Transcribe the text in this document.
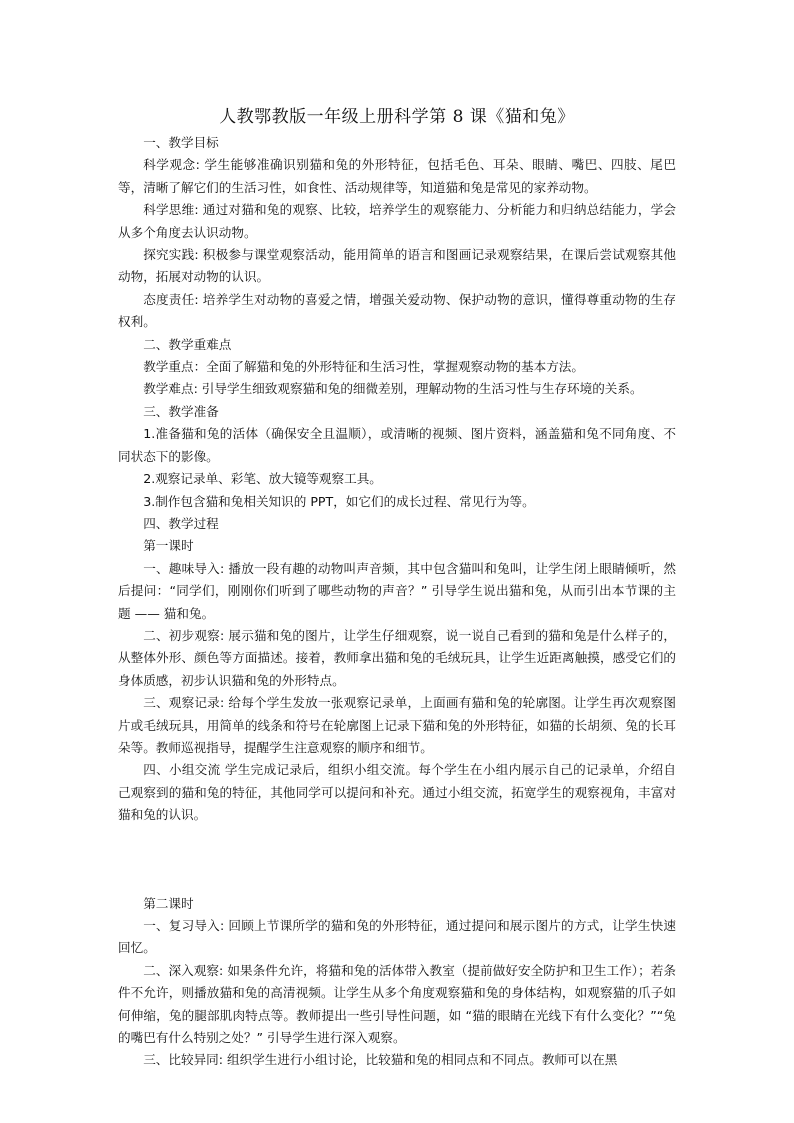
人教鄂教版一年级上册科学第 8 课《猫和兔》

一、教学目标

科学观念: 学生能够准确识别猫和兔的外形特征，包括毛色、耳朵、眼睛、嘴巴、四肢、尾巴等，清晰了解它们的生活习性，如食性、活动规律等，知道猫和兔是常见的家养动物。

科学思维: 通过对猫和兔的观察、比较，培养学生的观察能力、分析能力和归纳总结能力，学会从多个角度去认识动物。

探究实践: 积极参与课堂观察活动，能用简单的语言和图画记录观察结果，在课后尝试观察其他动物，拓展对动物的认识。

态度责任: 培养学生对动物的喜爱之情，增强关爱动物、保护动物的意识，懂得尊重动物的生存权利。

二、教学重难点

教学重点：全面了解猫和兔的外形特征和生活习性，掌握观察动物的基本方法。

教学难点: 引导学生细致观察猫和兔的细微差别，理解动物的生活习性与生存环境的关系。

三、教学准备

1.准备猫和兔的活体（确保安全且温顺），或清晰的视频、图片资料，涵盖猫和兔不同角度、不同状态下的影像。

2.观察记录单、彩笔、放大镜等观察工具。

3.制作包含猫和兔相关知识的 PPT，如它们的成长过程、常见行为等。

四、教学过程

第一课时

一、趣味导入: 播放一段有趣的动物叫声音频，其中包含猫叫和兔叫，让学生闭上眼睛倾听，然后提问：“同学们，刚刚你们听到了哪些动物的声音？” 引导学生说出猫和兔，从而引出本节课的主题 —— 猫和兔。

二、初步观察: 展示猫和兔的图片，让学生仔细观察，说一说自己看到的猫和兔是什么样子的，从整体外形、颜色等方面描述。接着，教师拿出猫和兔的毛绒玩具，让学生近距离触摸，感受它们的身体质感，初步认识猫和兔的外形特点。

三、观察记录: 给每个学生发放一张观察记录单，上面画有猫和兔的轮廓图。让学生再次观察图片或毛绒玩具，用简单的线条和符号在轮廓图上记录下猫和兔的外形特征，如猫的长胡须、兔的长耳朵等。教师巡视指导，提醒学生注意观察的顺序和细节。

四、小组交流 学生完成记录后，组织小组交流。每个学生在小组内展示自己的记录单，介绍自己观察到的猫和兔的特征，其他同学可以提问和补充。通过小组交流，拓宽学生的观察视角，丰富对猫和兔的认识。

第二课时

一、复习导入: 回顾上节课所学的猫和兔的外形特征，通过提问和展示图片的方式，让学生快速回忆。

二、深入观察: 如果条件允许，将猫和兔的活体带入教室（提前做好安全防护和卫生工作）；若条件不允许，则播放猫和兔的高清视频。让学生从多个角度观察猫和兔的身体结构，如观察猫的爪子如何伸缩，兔的腿部肌肉特点等。教师提出一些引导性问题，如 “猫的眼睛在光线下有什么变化？”“兔的嘴巴有什么特别之处？” 引导学生进行深入观察。

三、比较异同: 组织学生进行小组讨论，比较猫和兔的相同点和不同点。教师可以在黑
